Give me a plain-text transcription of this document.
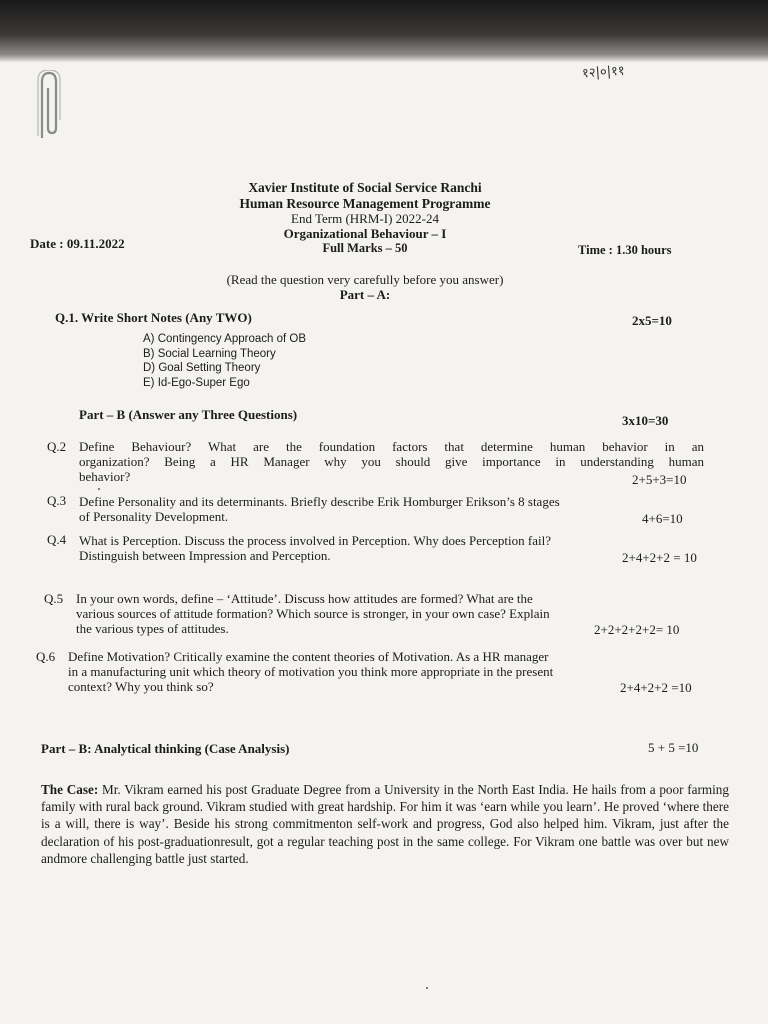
१२|०|११
Xavier Institute of Social Service Ranchi
Human Resource Management Programme
End Term (HRM-I) 2022-24
Organizational Behaviour – I
Full Marks – 50
Date : 09.11.2022	Time : 1.30 hours
(Read the question very carefully before you answer)
Part – A:
Q.1. Write Short Notes (Any TWO)	2x5=10
A) Contingency Approach of OB
B) Social Learning Theory
D) Goal Setting Theory
E) Id-Ego-Super Ego
Part – B (Answer any Three Questions)	3x10=30
Q.2 Define Behaviour? What are the foundation factors that determine human behavior in an
organization? Being a HR Manager why you should give importance in understanding human
behavior?	2+5+3=10
Q.3 Define Personality and its determinants. Briefly describe Erik Homburger Erikson’s 8 stages
of Personality Development.	4+6=10
Q.4 What is Perception. Discuss the process involved in Perception. Why does Perception fail?
Distinguish between Impression and Perception.	2+4+2+2 = 10
Q.5 In your own words, define – ‘Attitude’. Discuss how attitudes are formed? What are the
various sources of attitude formation? Which source is stronger, in your own case? Explain
the various types of attitudes.	2+2+2+2+2= 10
Q.6 Define Motivation? Critically examine the content theories of Motivation. As a HR manager
in a manufacturing unit which theory of motivation you think more appropriate in the present
context? Why you think so?	2+4+2+2 =10
Part – B: Analytical thinking (Case Analysis)	5 + 5 =10
The Case: Mr. Vikram earned his post Graduate Degree from a University in the North East India. He hails from a poor farming family with rural back ground. Vikram studied with great hardship. For him it was ‘earn while you learn’. He proved ‘where there is a will, there is way’. Beside his strong commitmenton self-work and progress, God also helped him. Vikram, just after the declaration of his post-graduationresult, got a regular teaching post in the same college. For Vikram one battle was over but new andmore challenging battle just started.
